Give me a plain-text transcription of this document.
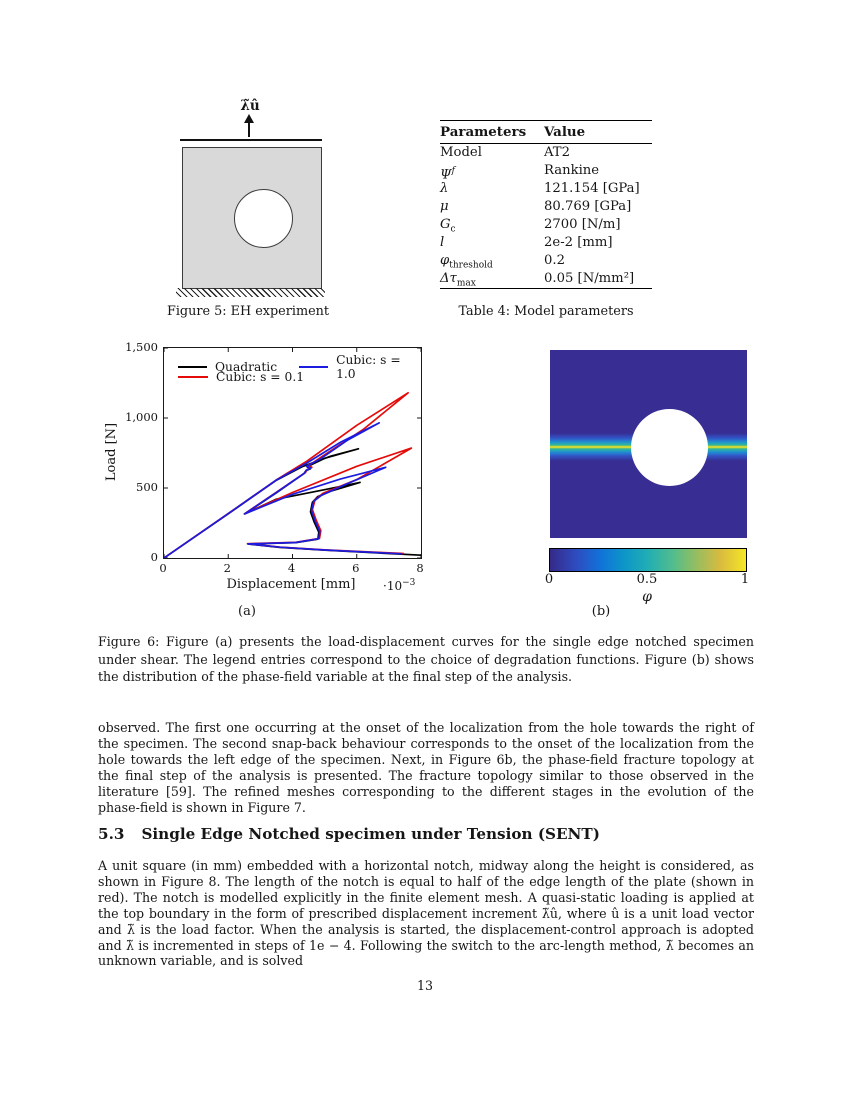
λ̃û
Figure 5: EH experiment
Parameters	Value
Model	AT2
$\Psi^f$	Rankine
λ	121.154 [GPa]
μ	80.769 [GPa]
$G_c$	2700 [N/m]
l	2e-2 [mm]
$\varphi_{threshold}$	0.2
$\Delta\tau_{max}$	0.05 [N/mm²]
Table 4: Model parameters
Load [N]
Quadratic	Cubic: s = 1.0
Cubic: s = 0.1
0
500
1,000
1,500
0	2	4	6	8
Displacement [mm]	$\cdot 10^{-3}$
(a)
0	0.5	1
φ
(b)
Figure 6: Figure (a) presents the load-displacement curves for the single edge notched specimen under shear. The legend entries correspond to the choice of degradation functions. Figure (b) shows the distribution of the phase-field variable at the final step of the analysis.
observed. The first one occurring at the onset of the localization from the hole towards the right of the specimen. The second snap-back behaviour corresponds to the onset of the localization from the hole towards the left edge of the specimen. Next, in Figure 6b, the phase-field fracture topology at the final step of the analysis is presented. The fracture topology similar to those observed in the literature [59]. The refined meshes corresponding to the different stages in the evolution of the phase-field is shown in Figure 7.
5.3 Single Edge Notched specimen under Tension (SENT)
A unit square (in mm) embedded with a horizontal notch, midway along the height is considered, as shown in Figure 8. The length of the notch is equal to half of the edge length of the plate (shown in red). The notch is modelled explicitly in the finite element mesh. A quasi-static loading is applied at the top boundary in the form of prescribed displacement increment λ̃û, where û is a unit load vector and λ̃ is the load factor. When the analysis is started, the displacement-control approach is adopted and λ̃ is incremented in steps of 1e − 4. Following the switch to the arc-length method, λ̃ becomes an unknown variable, and is solved
13
